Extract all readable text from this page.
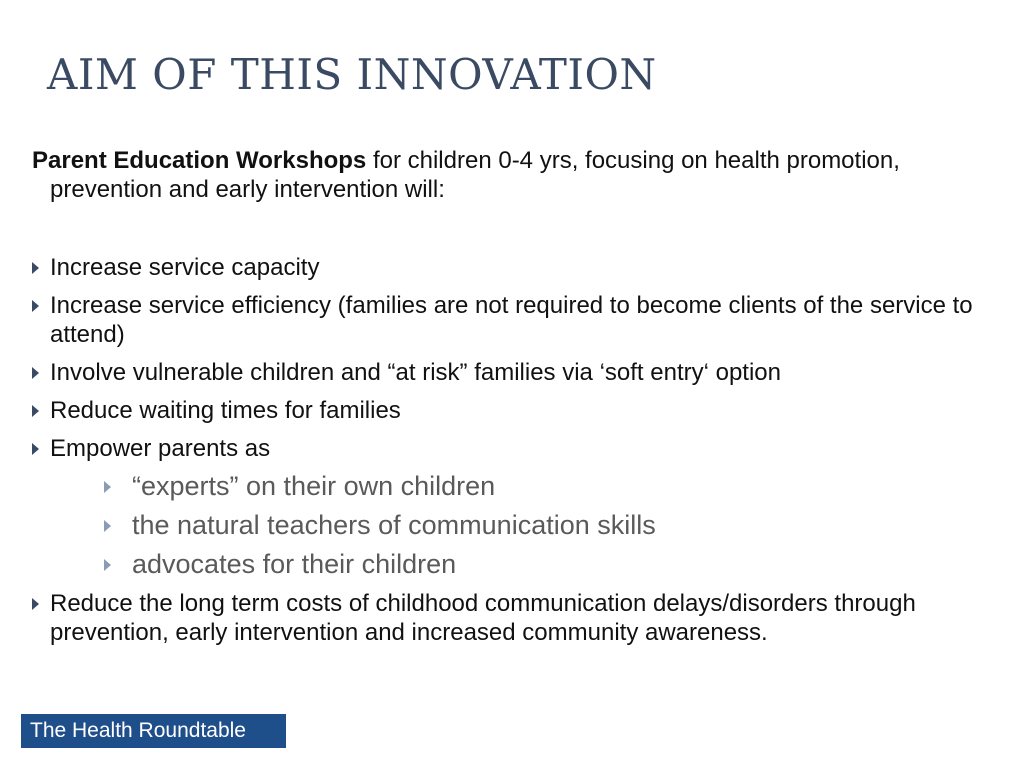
AIM OF THIS INNOVATION
Parent Education Workshops for children 0-4 yrs, focusing on health promotion,
prevention and early intervention will:
Increase service capacity
Increase service efficiency (families are not required to become clients of the service to attend)
Involve vulnerable children and “at risk” families via ‘soft entry‘ option
Reduce waiting times for families
Empower parents as
“experts” on their own children
the natural teachers of communication skills
advocates for their children
Reduce the long term costs of childhood communication delays/disorders through prevention, early intervention and increased community awareness.
The Health Roundtable
